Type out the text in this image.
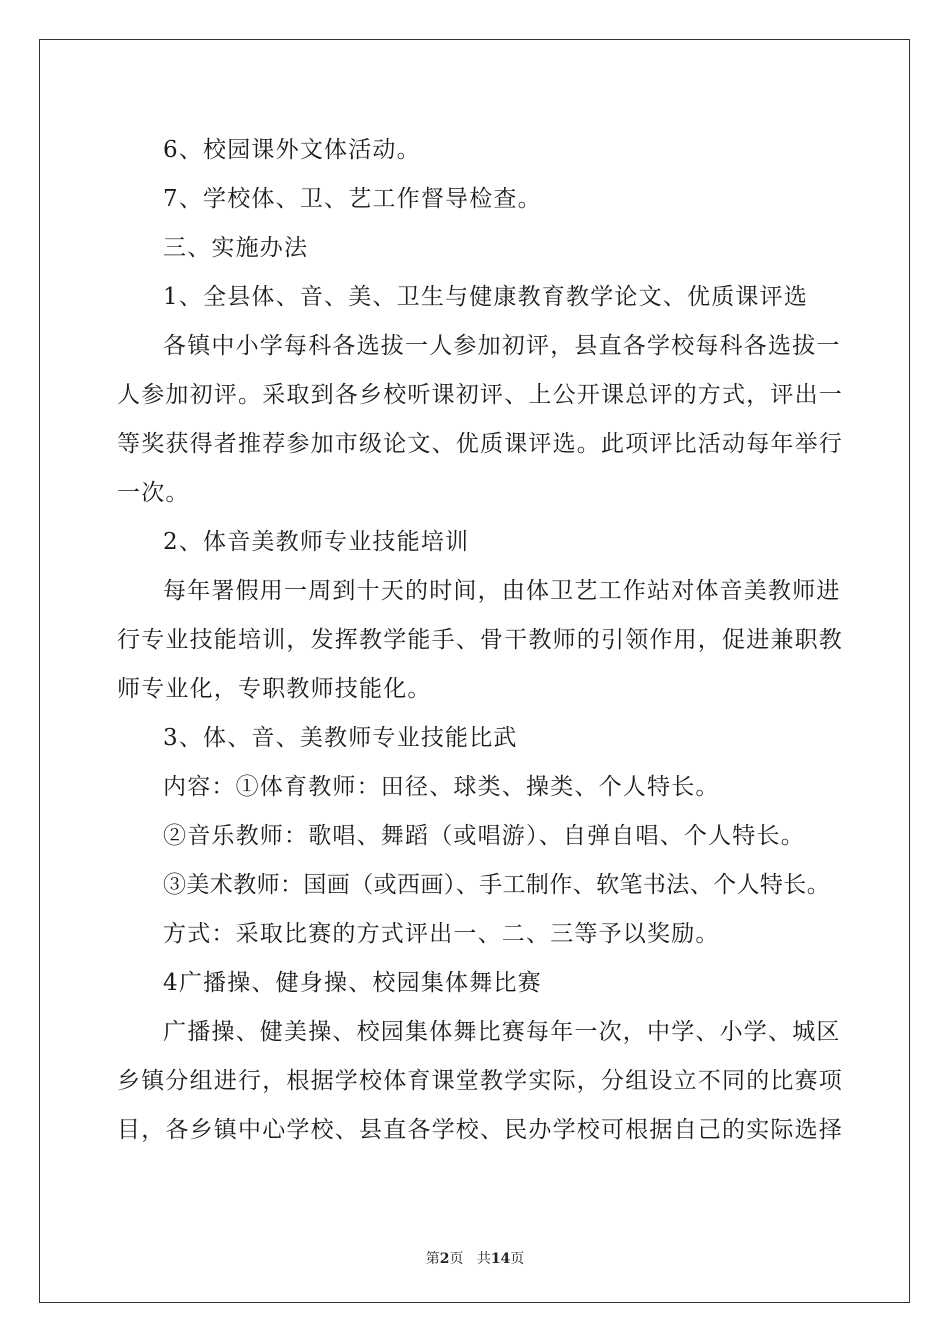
6、校园课外文体活动。
7、学校体、卫、艺工作督导检查。
三、实施办法
1、全县体、音、美、卫生与健康教育教学论文、优质课评选
各镇中小学每科各选拔一人参加初评，县直各学校每科各选拔一
人参加初评。采取到各乡校听课初评、上公开课总评的方式，评出一
等奖获得者推荐参加市级论文、优质课评选。此项评比活动每年举行
一次。
2、体音美教师专业技能培训
每年署假用一周到十天的时间，由体卫艺工作站对体音美教师进
行专业技能培训，发挥教学能手、骨干教师的引领作用，促进兼职教
师专业化，专职教师技能化。
3、体、音、美教师专业技能比武
内容：①体育教师：田径、球类、操类、个人特长。
②音乐教师：歌唱、舞蹈（或唱游）、自弹自唱、个人特长。
③美术教师：国画（或西画）、手工制作、软笔书法、个人特长。
方式：采取比赛的方式评出一、二、三等予以奖励。
4广播操、健身操、校园集体舞比赛
广播操、健美操、校园集体舞比赛每年一次，中学、小学、城区
乡镇分组进行，根据学校体育课堂教学实际，分组设立不同的比赛项
目，各乡镇中心学校、县直各学校、民办学校可根据自己的实际选择
第2页 共14页
